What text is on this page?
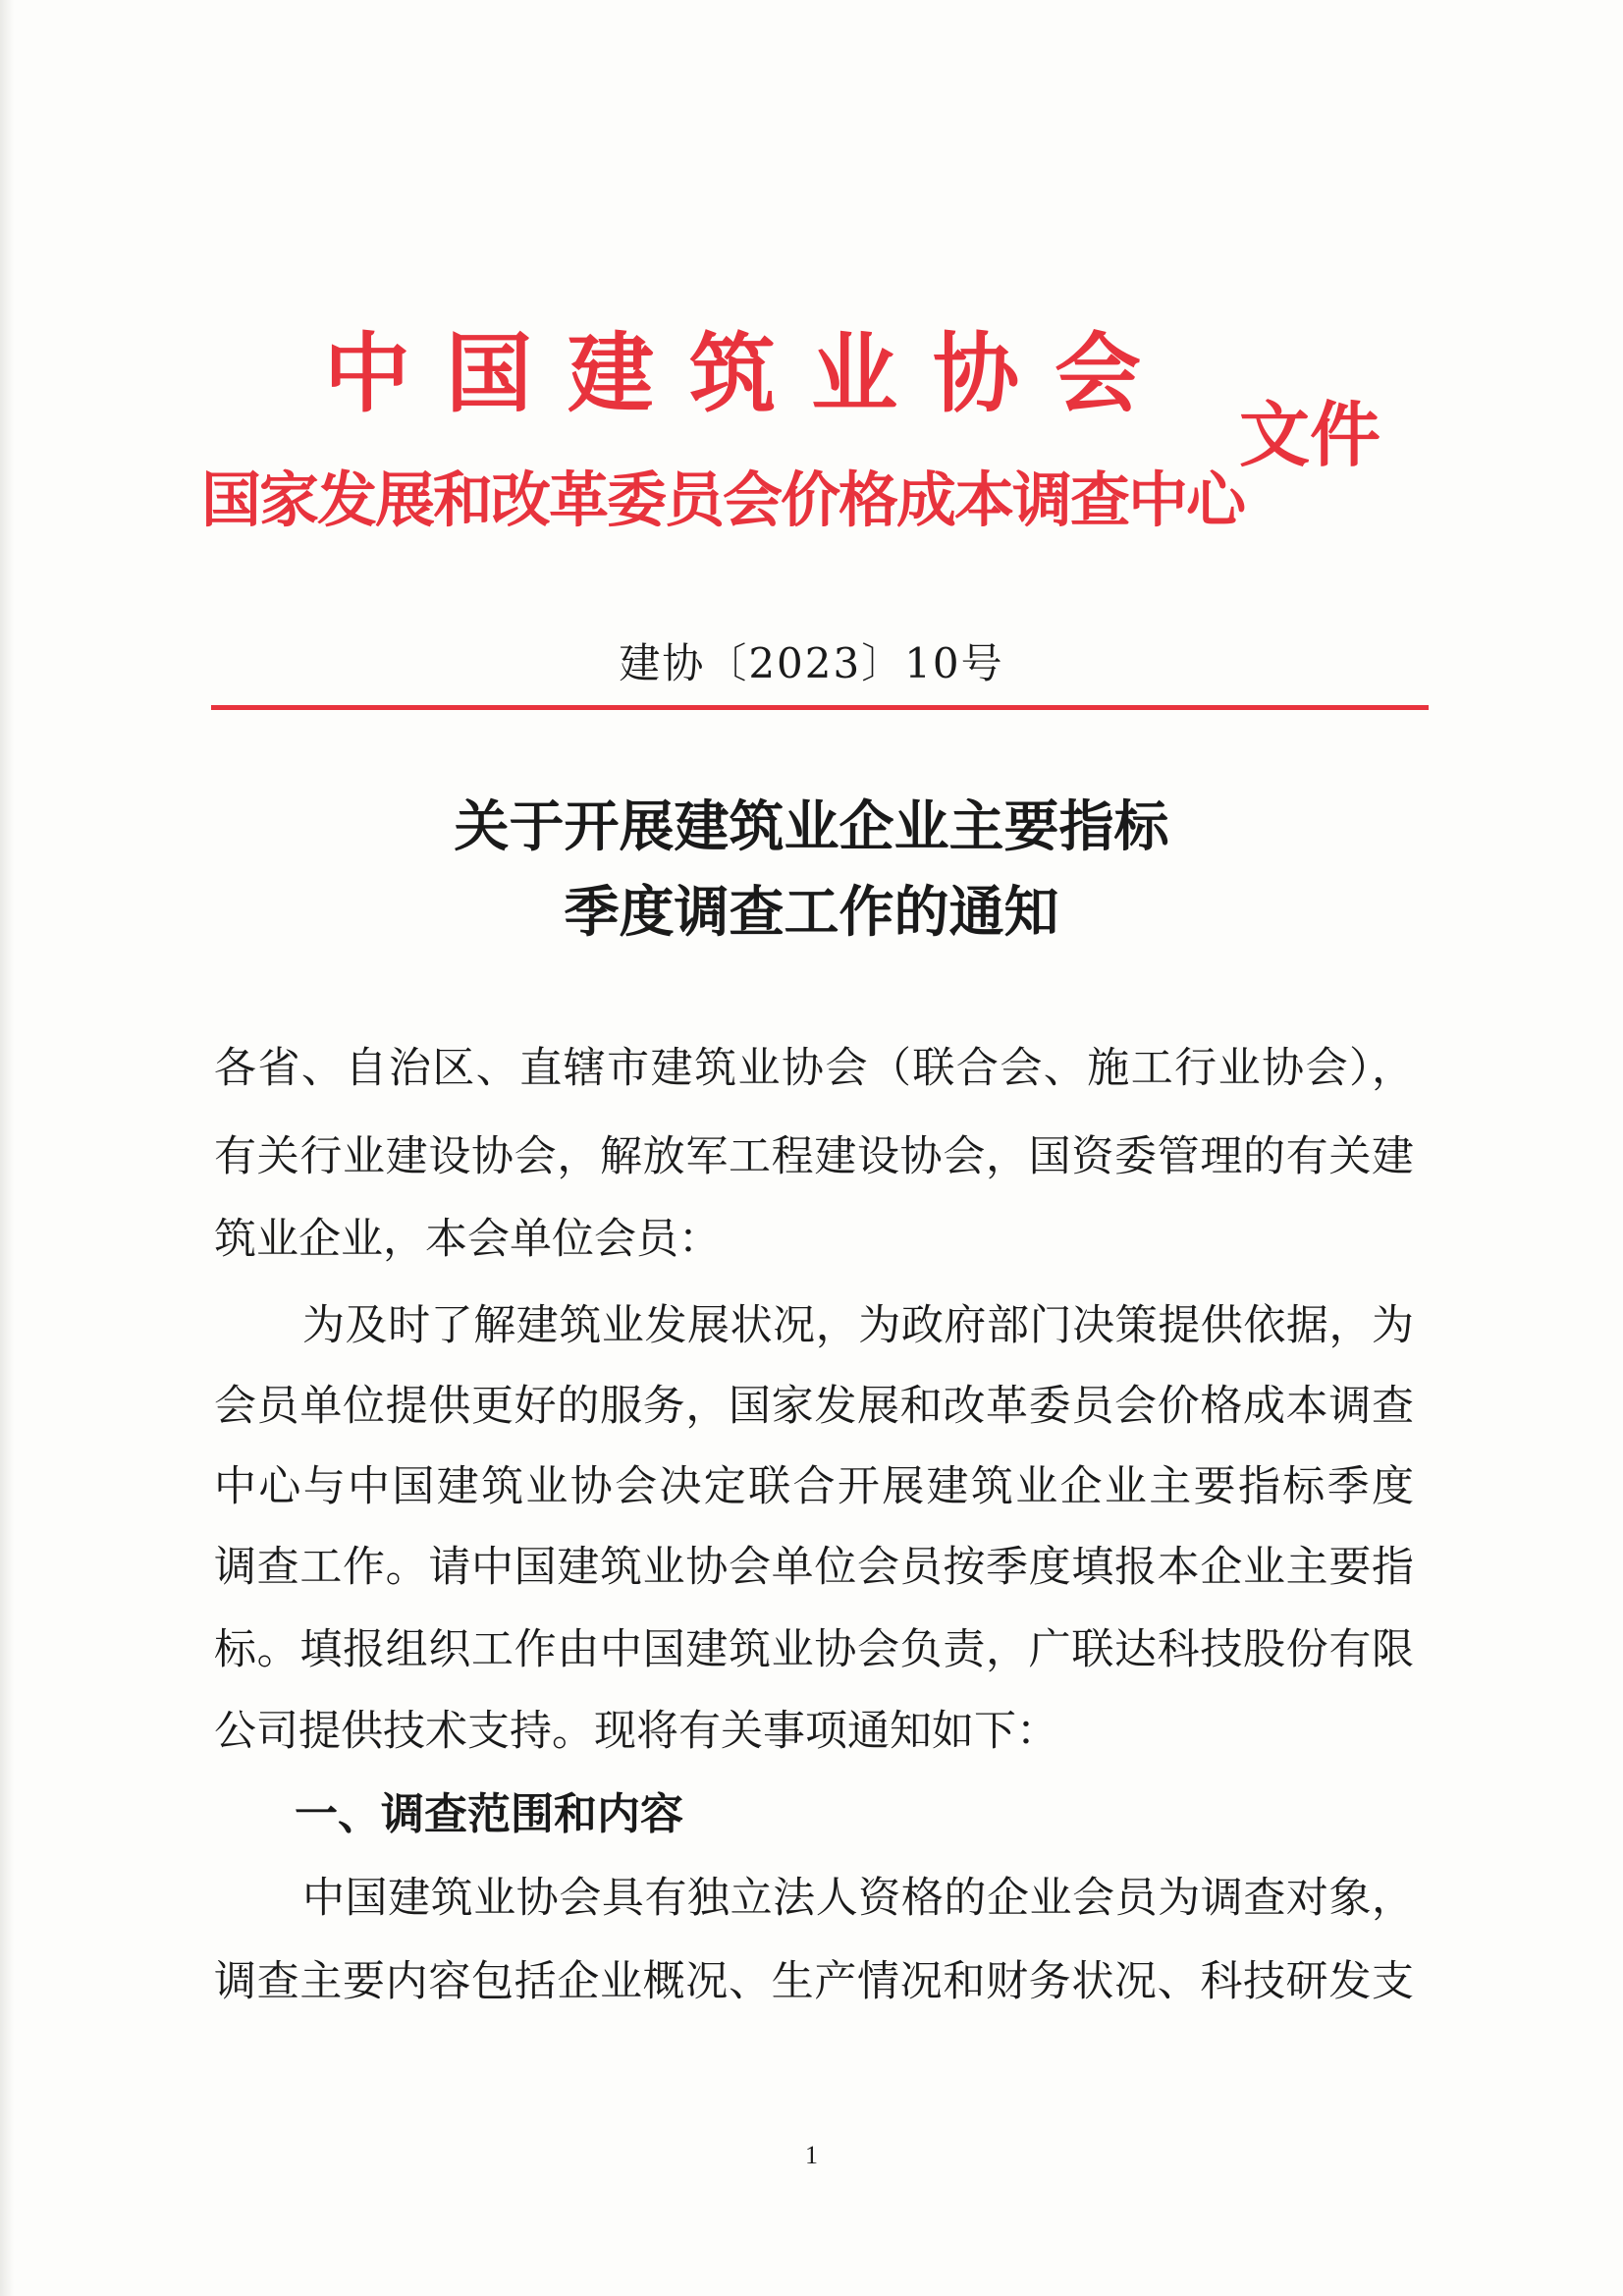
中国建筑业协会
国家发展和改革委员会价格成本调查中心
文件
建协〔2023〕10号
关于开展建筑业企业主要指标
季度调查工作的通知
各省、自治区、直辖市建筑业协会（联合会、施工行业协会），
有关行业建设协会，解放军工程建设协会，国资委管理的有关建
筑业企业，本会单位会员：
为及时了解建筑业发展状况，为政府部门决策提供依据，为
会员单位提供更好的服务，国家发展和改革委员会价格成本调查
中心与中国建筑业协会决定联合开展建筑业企业主要指标季度
调查工作。请中国建筑业协会单位会员按季度填报本企业主要指
标。填报组织工作由中国建筑业协会负责，广联达科技股份有限
公司提供技术支持。现将有关事项通知如下：
一、调查范围和内容
中国建筑业协会具有独立法人资格的企业会员为调查对象，
调查主要内容包括企业概况、生产情况和财务状况、科技研发支
1
